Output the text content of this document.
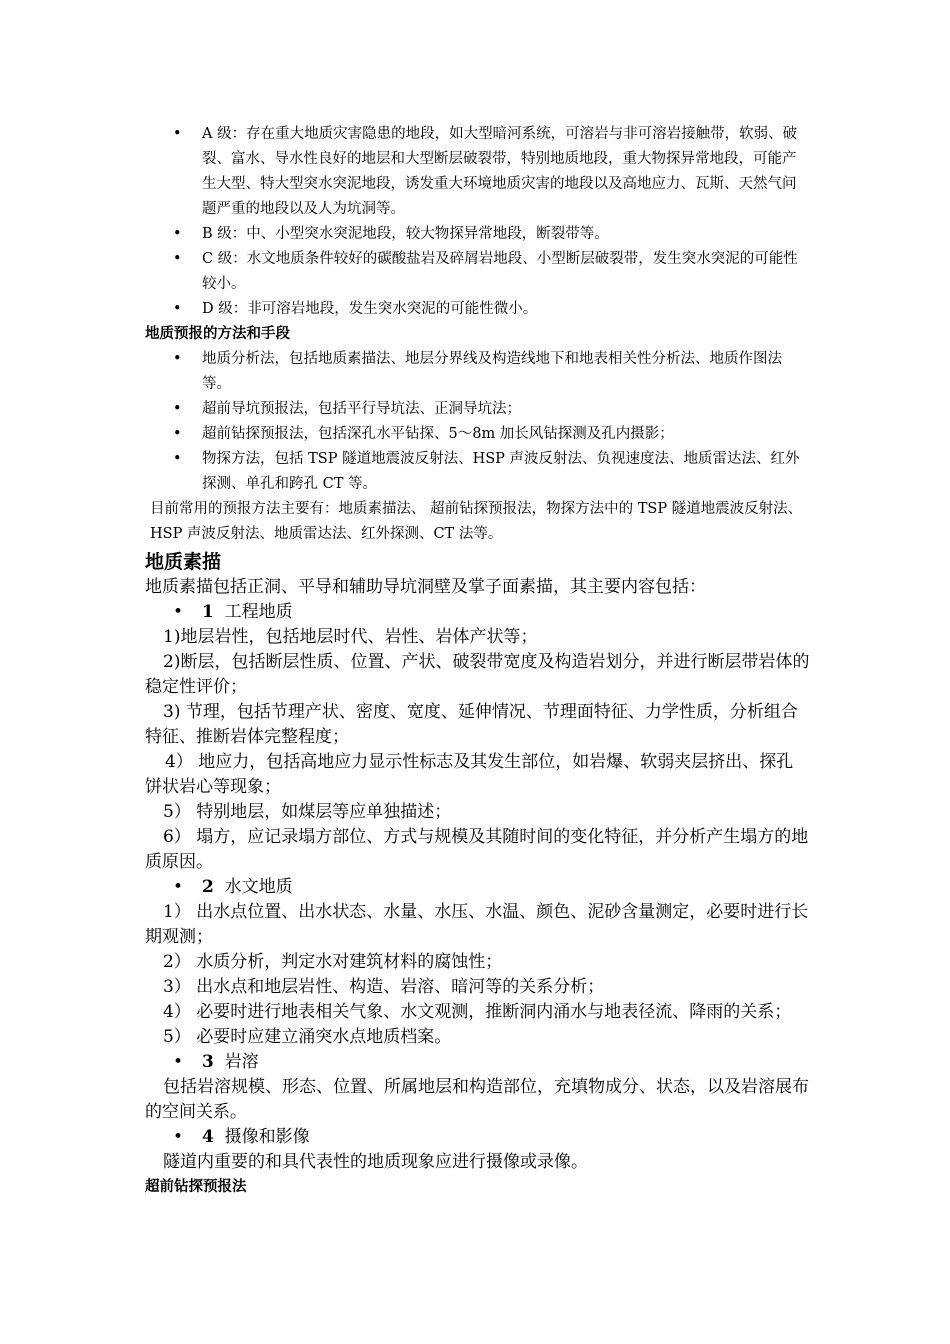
•	A 级：存在重大地质灾害隐患的地段，如大型暗河系统，可溶岩与非可溶岩接触带，软弱、破裂、富水、导水性良好的地层和大型断层破裂带，特别地质地段，重大物探异常地段，可能产生大型、特大型突水突泥地段，诱发重大环境地质灾害的地段以及高地应力、瓦斯、天然气问题严重的地段以及人为坑洞等。
•	B 级：中、小型突水突泥地段，较大物探异常地段，断裂带等。
•	C 级：水文地质条件较好的碳酸盐岩及碎屑岩地段、小型断层破裂带，发生突水突泥的可能性较小。
•	D 级：非可溶岩地段，发生突水突泥的可能性微小。
地质预报的方法和手段
•	地质分析法，包括地质素描法、地层分界线及构造线地下和地表相关性分析法、地质作图法等。
•	超前导坑预报法，包括平行导坑法、正洞导坑法；
•	超前钻探预报法，包括深孔水平钻探、5～8m 加长风钻探测及孔内摄影；
•	物探方法，包括 TSP 隧道地震波反射法、HSP 声波反射法、负视速度法、地质雷达法、红外探测、单孔和跨孔 CT 等。

目前常用的预报方法主要有：地质素描法、 超前钻探预报法，物探方法中的 TSP 隧道地震波反射法、HSP 声波反射法、地质雷达法、红外探测、CT 法等。

地质素描

地质素描包括正洞、平导和辅助导坑洞壁及掌子面素描，其主要内容包括：

•	1 工程地质

1)地层岩性，包括地层时代、岩性、岩体产状等；

2)断层，包括断层性质、位置、产状、破裂带宽度及构造岩划分，并进行断层带岩体的稳定性评价；

3) 节理，包括节理产状、密度、宽度、延伸情况、节理面特征、力学性质，分析组合特征、推断岩体完整程度；

4） 地应力，包括高地应力显示性标志及其发生部位，如岩爆、软弱夹层挤出、探孔饼状岩心等现象；

5） 特别地层，如煤层等应单独描述；

6） 塌方，应记录塌方部位、方式与规模及其随时间的变化特征，并分析产生塌方的地质原因。

•	2 水文地质

1） 出水点位置、出水状态、水量、水压、水温、颜色、泥砂含量测定，必要时进行长期观测；

2） 水质分析，判定水对建筑材料的腐蚀性；

3） 出水点和地层岩性、构造、岩溶、暗河等的关系分析；

4） 必要时进行地表相关气象、水文观测，推断洞内涌水与地表径流、降雨的关系；

5） 必要时应建立涌突水点地质档案。

•	3 岩溶

包括岩溶规模、形态、位置、所属地层和构造部位，充填物成分、状态，以及岩溶展布的空间关系。

•	4 摄像和影像

隧道内重要的和具代表性的地质现象应进行摄像或录像。

超前钻探预报法
